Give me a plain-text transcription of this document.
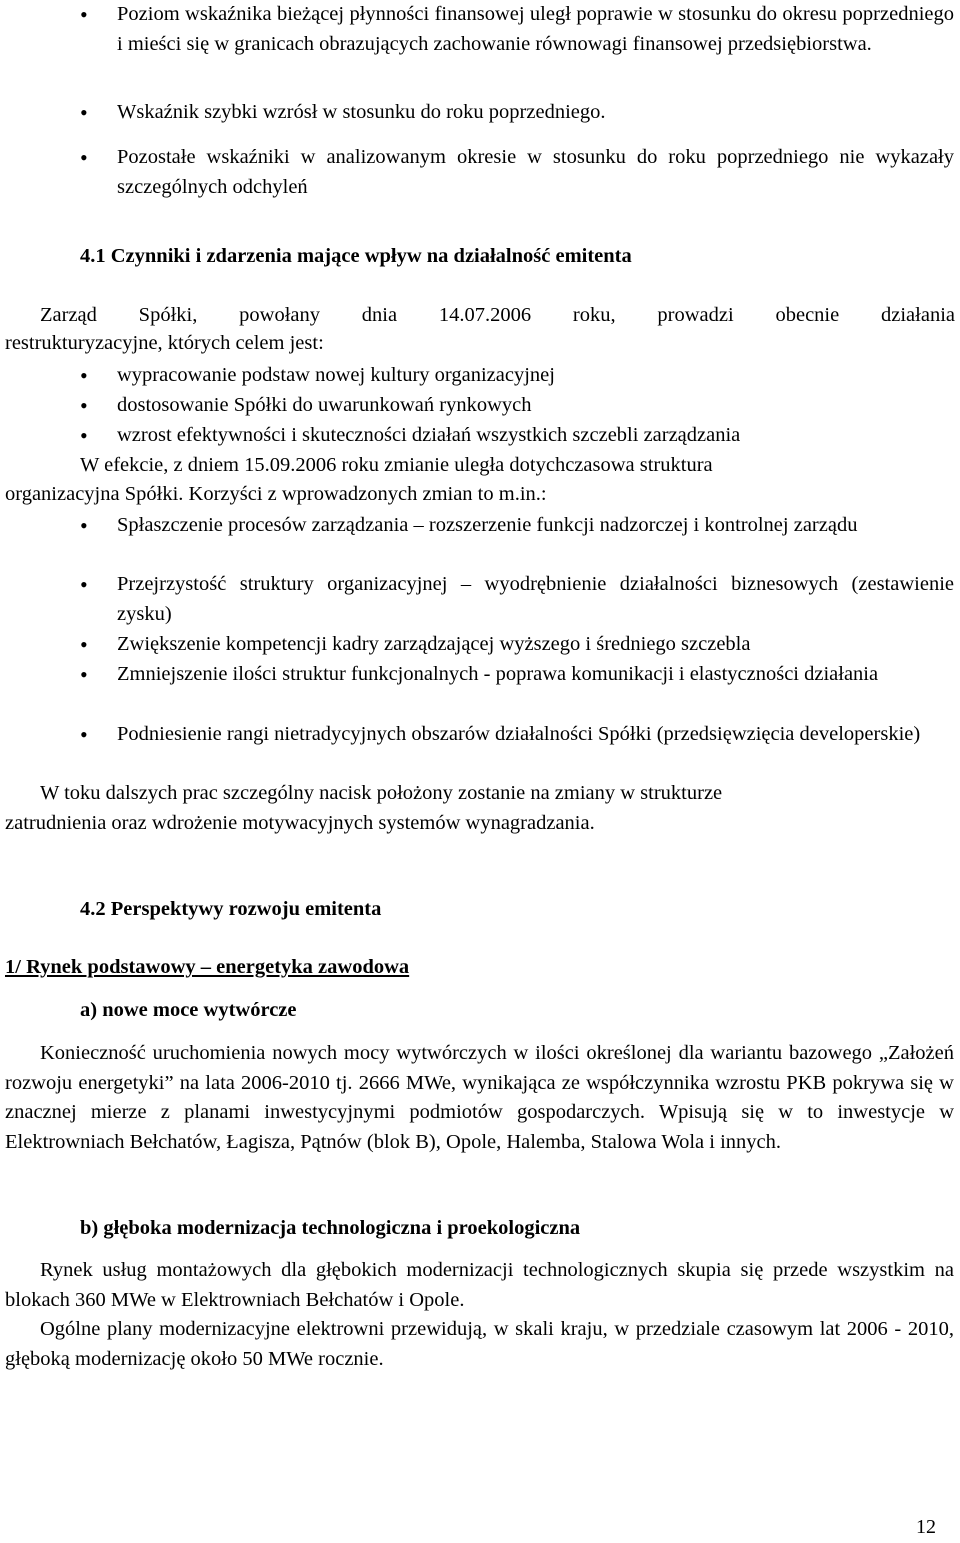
•

Poziom wskaźnika bieżącej płynności finansowej uległ poprawie w stosunku do okresu poprzedniego i mieści się w granicach obrazujących zachowanie równowagi finansowej przedsiębiorstwa.

•

Wskaźnik szybki wzrósł w stosunku do roku poprzedniego.

•

Pozostałe wskaźniki w analizowanym okresie w stosunku do roku poprzedniego nie wykazały szczególnych odchyleń

4.1 Czynniki i zdarzenia mające wpływ na działalność emitenta

Zarząd Spółki, powołany dnia 14.07.2006 roku, prowadzi obecnie działania

restrukturyzacyjne, których celem jest:

•

wypracowanie podstaw nowej kultury organizacyjnej

•

dostosowanie Spółki do uwarunkowań rynkowych

•

wzrost efektywności i skuteczności działań wszystkich szczebli zarządzania

W efekcie, z dniem 15.09.2006 roku zmianie uległa dotychczasowa struktura

organizacyjna Spółki. Korzyści z wprowadzonych zmian to m.in.:

•

Spłaszczenie procesów zarządzania – rozszerzenie funkcji nadzorczej i kontrolnej zarządu

•

Przejrzystość struktury organizacyjnej – wyodrębnienie działalności biznesowych (zestawienie zysku)

•

Zwiększenie kompetencji kadry zarządzającej wyższego i średniego szczebla

•

Zmniejszenie ilości struktur funkcjonalnych - poprawa komunikacji i elastyczności działania

•

Podniesienie rangi nietradycyjnych obszarów działalności Spółki (przedsięwzięcia developerskie)

W toku dalszych prac szczególny nacisk położony zostanie na zmiany w strukturze

zatrudnienia oraz wdrożenie motywacyjnych systemów wynagradzania.

4.2 Perspektywy rozwoju emitenta
1/ Rynek podstawowy – energetyka zawodowa
a) nowe moce wytwórcze

Konieczność uruchomienia nowych mocy wytwórczych w ilości określonej dla wariantu bazowego „Założeń rozwoju energetyki” na lata 2006-2010 tj. 2666 MWe, wynikająca ze współczynnika wzrostu PKB pokrywa się w znacznej mierze z planami inwestycyjnymi podmiotów gospodarczych. Wpisują się w to inwestycje w Elektrowniach Bełchatów, Łagisza, Pątnów (blok B), Opole, Halemba, Stalowa Wola i innych.

b) głęboka modernizacja technologiczna i proekologiczna

Rynek usług montażowych dla głębokich modernizacji technologicznych skupia się przede wszystkim na blokach 360 MWe w Elektrowniach Bełchatów i Opole.

Ogólne plany modernizacyjne elektrowni przewidują, w skali kraju, w przedziale czasowym lat 2006 - 2010, głęboką modernizację około 50 MWe rocznie.

12
